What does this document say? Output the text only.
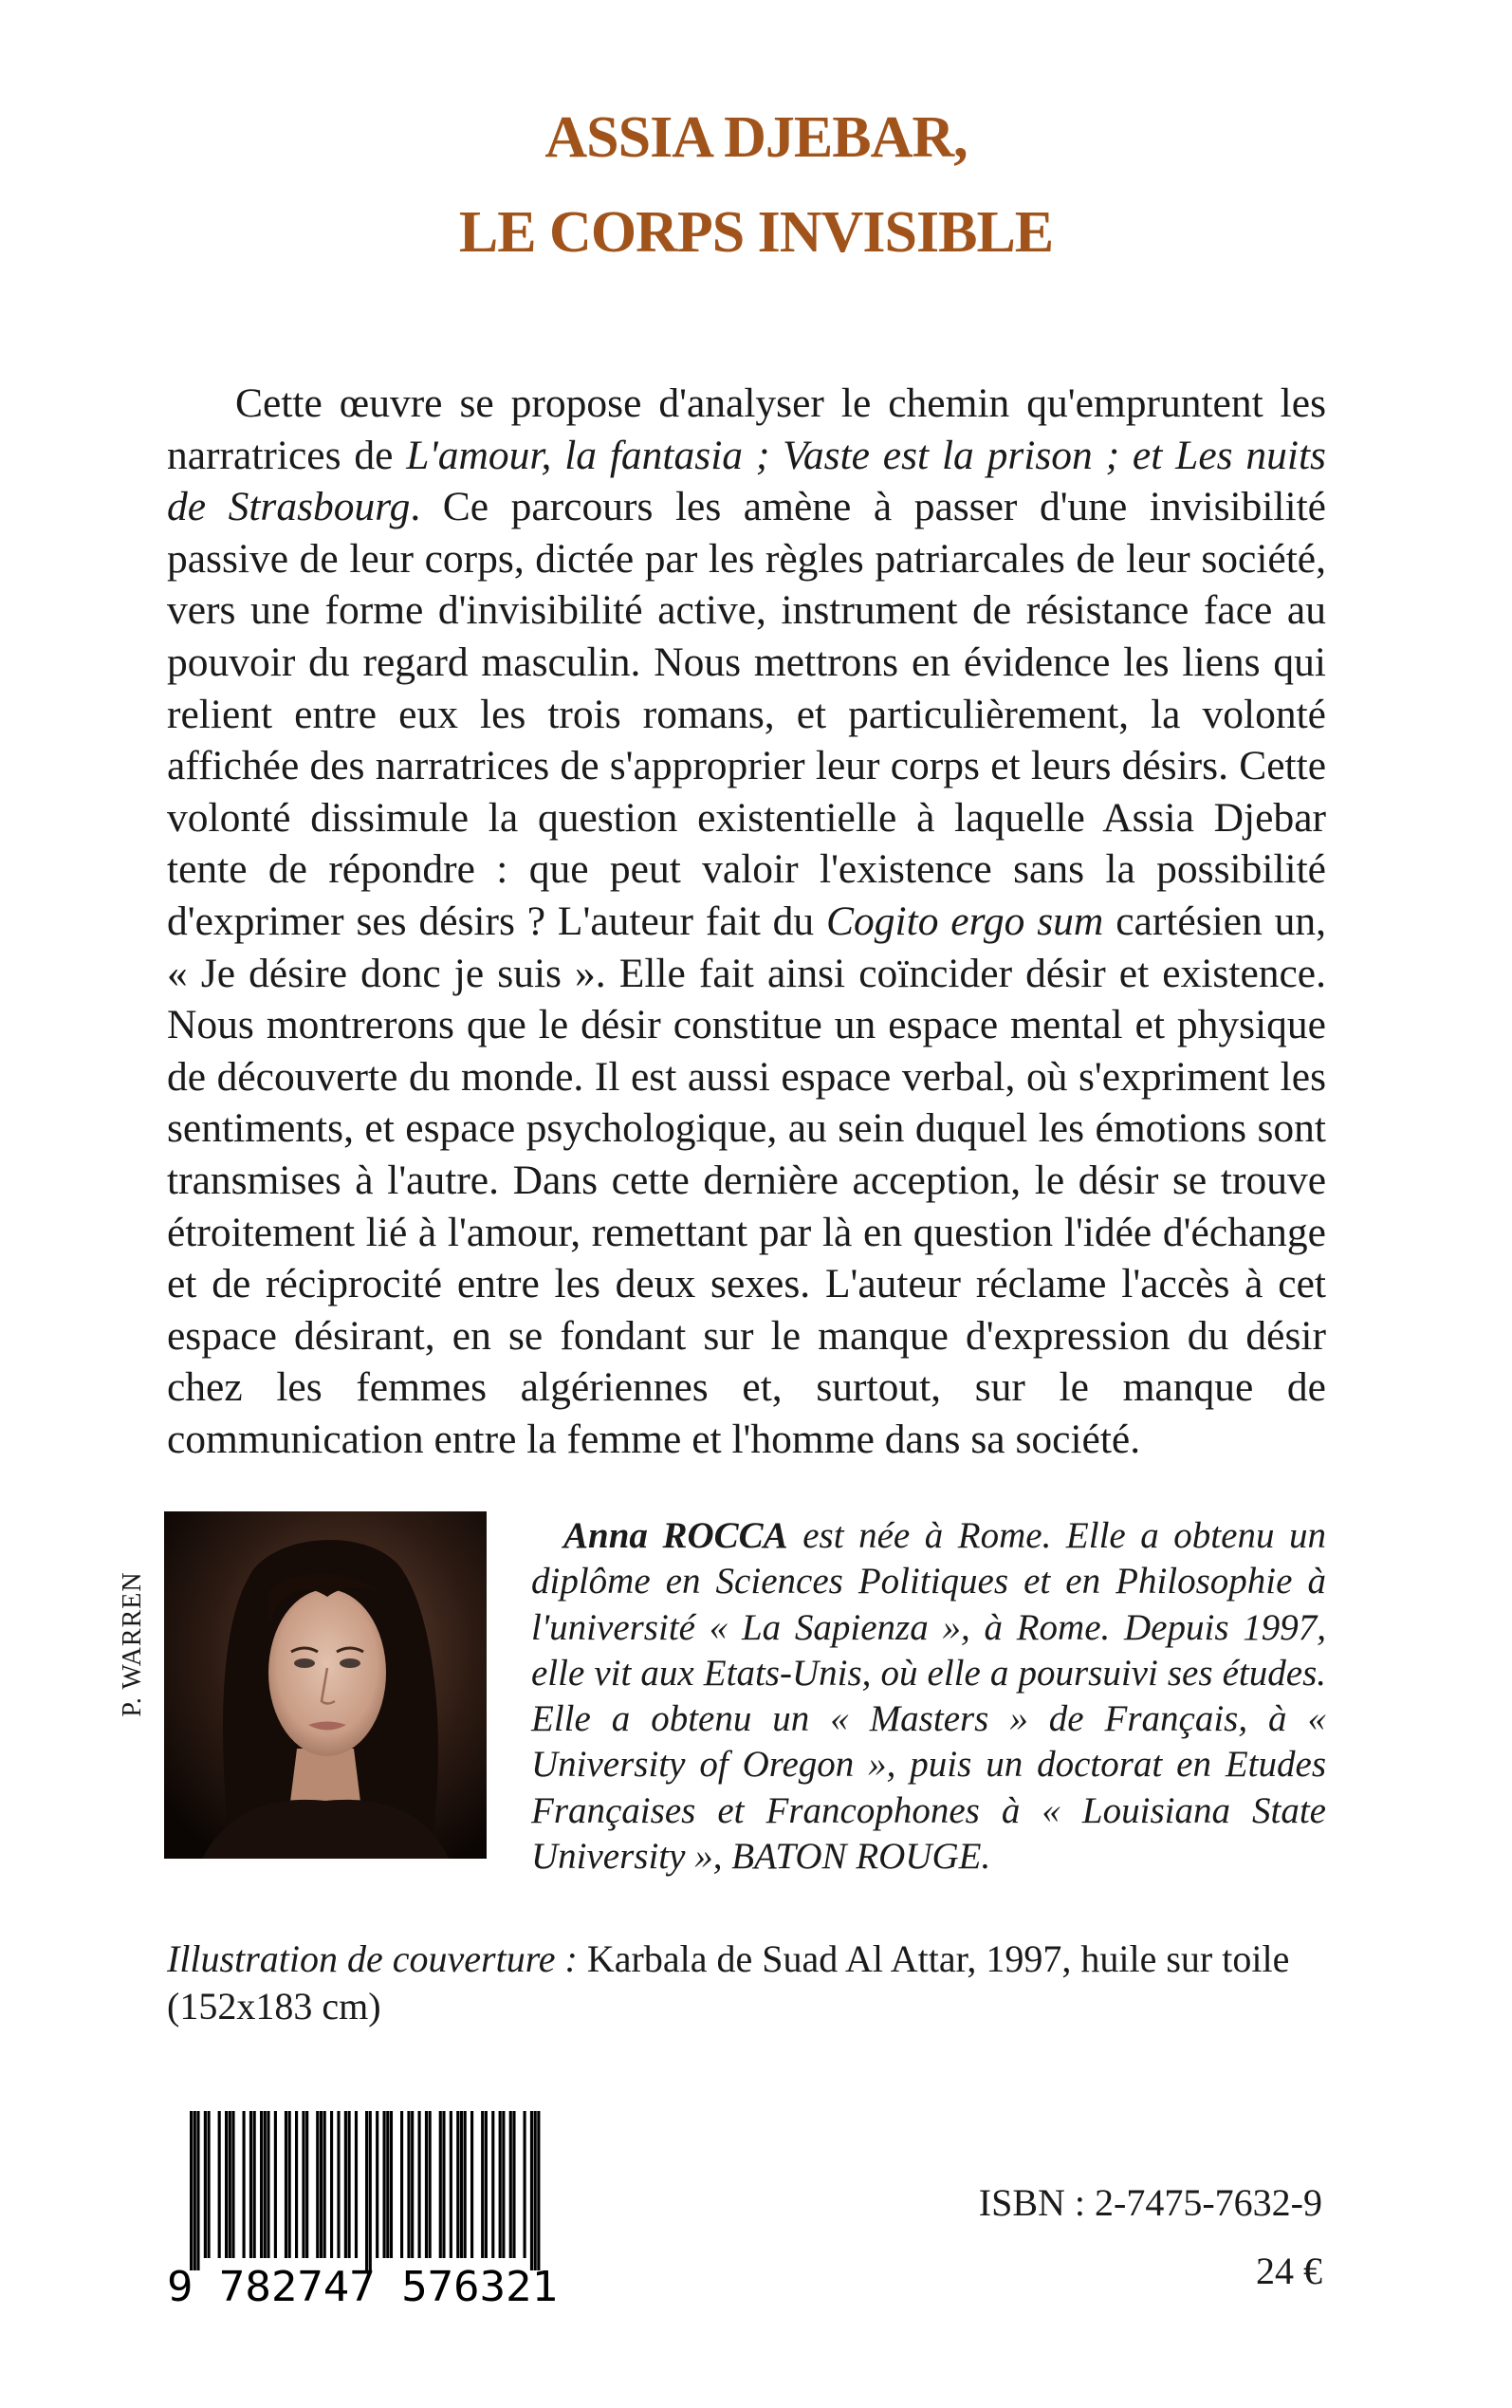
ASSIA DJEBAR,
LE CORPS INVISIBLE

Cette œuvre se propose d'analyser le chemin qu'empruntent les narratrices de L'amour, la fantasia ; Vaste est la prison ; et Les nuits de Strasbourg. Ce parcours les amène à passer d'une invisibilité passive de leur corps, dictée par les règles patriarcales de leur société, vers une forme d'invisibilité active, instrument de résistance face au pouvoir du regard masculin. Nous mettrons en évidence les liens qui relient entre eux les trois romans, et particulièrement, la volonté affichée des narratrices de s'approprier leur corps et leurs désirs. Cette volonté dissimule la question existentielle à laquelle Assia Djebar tente de répondre : que peut valoir l'existence sans la possibilité d'exprimer ses désirs ? L'auteur fait du Cogito ergo sum cartésien un, « Je désire donc je suis ». Elle fait ainsi coïncider désir et existence. Nous montrerons que le désir constitue un espace mental et physique de découverte du monde. Il est aussi espace verbal, où s'expriment les sentiments, et espace psychologique, au sein duquel les émotions sont transmises à l'autre. Dans cette dernière acception, le désir se trouve étroitement lié à l'amour, remettant par là en question l'idée d'échange et de réciprocité entre les deux sexes. L'auteur réclame l'accès à cet espace désirant, en se fondant sur le manque d'expression du désir chez les femmes algériennes et, surtout, sur le manque de communication entre la femme et l'homme dans sa société.

P. WARREN

Anna ROCCA est née à Rome. Elle a obtenu un diplôme en Sciences Politiques et en Philosophie à l'université « La Sapienza », à Rome. Depuis 1997, elle vit aux Etats-Unis, où elle a poursuivi ses études. Elle a obtenu un « Masters » de Français, à « University of Oregon », puis un doctorat en Etudes Françaises et Francophones à « Louisiana State University », BATON ROUGE.

Illustration de couverture : Karbala de Suad Al Attar, 1997, huile sur toile (152x183 cm)

9 782747 576321
ISBN : 2-7475-7632-9
24 €
